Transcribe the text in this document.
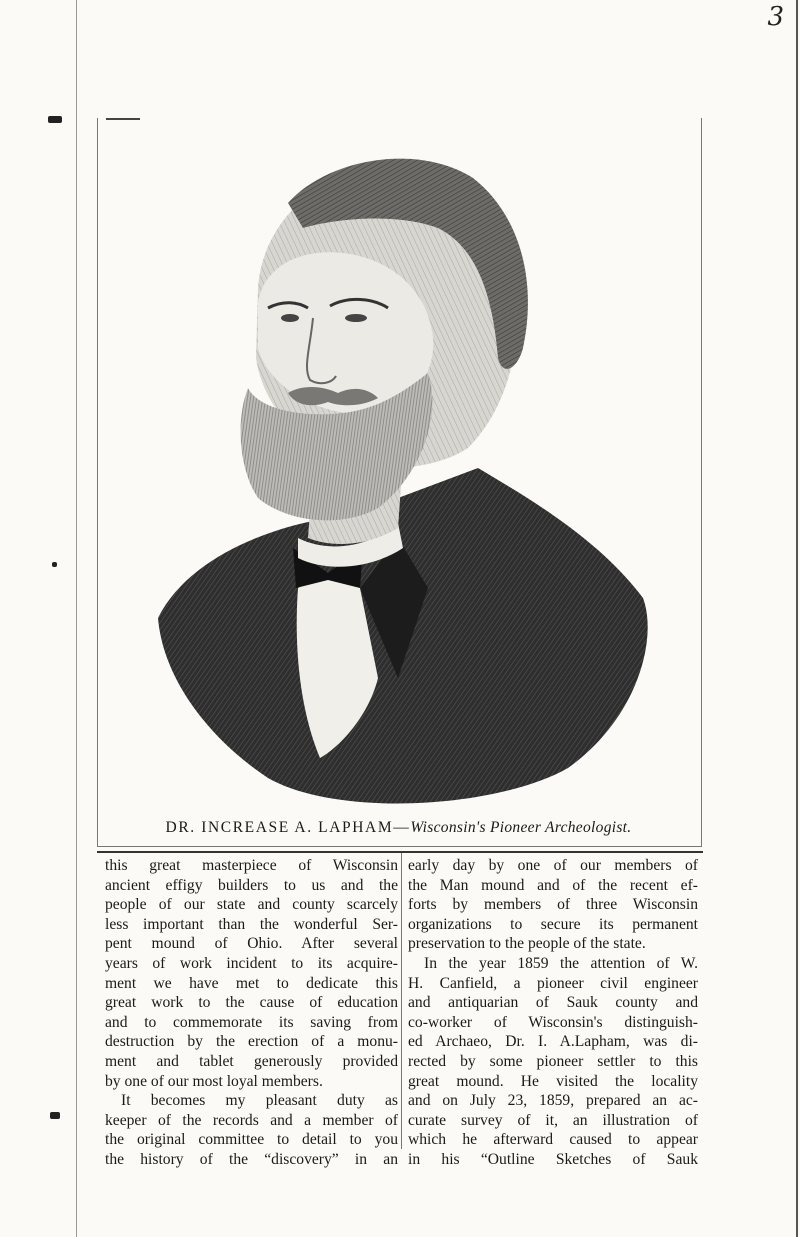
3
DR. INCREASE A. LAPHAM—Wisconsin's Pioneer Archeologist.
this great masterpiece of Wisconsin
ancient effigy builders to us and the
people of our state and county scarcely
less important than the wonderful Ser-
pent mound of Ohio. After several
years of work incident to its acquire-
ment we have met to dedicate this
great work to the cause of education
and to commemorate its saving from
destruction by the erection of a monu-
ment and tablet generously provided
by one of our most loyal members.
It becomes my pleasant duty as
keeper of the records and a member of
the original committee to detail to you
the history of the “discovery” in an
early day by one of our members of
the Man mound and of the recent ef-
forts by members of three Wisconsin
organizations to secure its permanent
preservation to the people of the state.
In the year 1859 the attention of W.
H. Canfield, a pioneer civil engineer
and antiquarian of Sauk county and
co-worker of Wisconsin's distinguish-
ed Archaeo, Dr. I. A.Lapham, was di-
rected by some pioneer settler to this
great mound. He visited the locality
and on July 23, 1859, prepared an ac-
curate survey of it, an illustration of
which he afterward caused to appear
in his “Outline Sketches of Sauk
